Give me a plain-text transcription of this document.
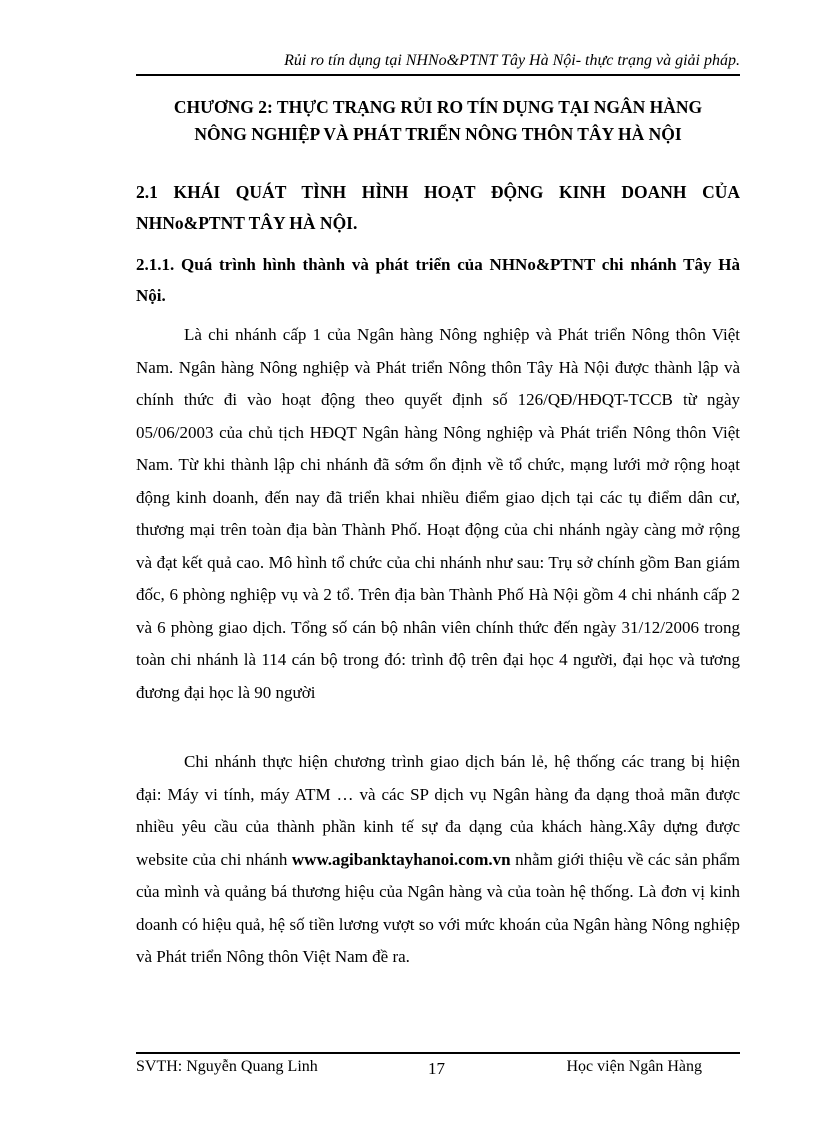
Rủi ro tín dụng tại NHNo&PTNT Tây Hà Nội- thực trạng và giải pháp.
CHƯƠNG 2: THỰC TRẠNG RỦI RO TÍN DỤNG TẠI NGÂN HÀNG
NÔNG NGHIỆP VÀ PHÁT TRIỂN NÔNG THÔN TÂY HÀ NỘI
2.1 KHÁI QUÁT TÌNH HÌNH HOẠT ĐỘNG KINH DOANH CỦA NHNo&PTNT TÂY HÀ NỘI.
2.1.1. Quá trình hình thành và phát triển của NHNo&PTNT chi nhánh Tây Hà Nội.

Là chi nhánh cấp 1 của Ngân hàng Nông nghiệp và Phát triển Nông thôn Việt Nam. Ngân hàng Nông nghiệp và Phát triển Nông thôn Tây Hà Nội được thành lập và chính thức đi vào hoạt động theo quyết định số 126/QĐ/HĐQT-TCCB từ ngày 05/06/2003 của chủ tịch HĐQT Ngân hàng Nông nghiệp và Phát triển Nông thôn Việt Nam. Từ khi thành lập chi nhánh đã sớm ổn định về tổ chức, mạng lưới mở rộng hoạt động kinh doanh, đến nay đã triển khai nhiều điểm giao dịch tại các tụ điểm dân cư, thương mại trên toàn địa bàn Thành Phố. Hoạt động của chi nhánh ngày càng mở rộng và đạt kết quả cao. Mô hình tổ chức của chi nhánh như sau: Trụ sở chính gồm Ban giám đốc, 6 phòng nghiệp vụ và 2 tổ. Trên địa bàn Thành Phố Hà Nội gồm 4 chi nhánh cấp 2 và 6 phòng giao dịch. Tổng số cán bộ nhân viên chính thức đến ngày 31/12/2006 trong toàn chi nhánh là 114 cán bộ trong đó: trình độ trên đại học 4 người, đại học và tương đương đại học là 90 người

Chi nhánh thực hiện chương trình giao dịch bán lẻ, hệ thống các trang bị hiện đại: Máy vi tính, máy ATM … và các SP dịch vụ Ngân hàng đa dạng thoả mãn được nhiều yêu cầu của thành phần kinh tế sự đa dạng của khách hàng.Xây dựng được website của chi nhánh www.agibanktayhanoi.com.vn nhằm giới thiệu về các sản phẩm của mình và quảng bá thương hiệu của Ngân hàng và của toàn hệ thống. Là đơn vị kinh doanh có hiệu quả, hệ số tiền lương vượt so với mức khoán của Ngân hàng Nông nghiệp và Phát triển Nông thôn Việt Nam đề ra.

SVTH: Nguyễn Quang Linh	17	Học viện Ngân Hàng
